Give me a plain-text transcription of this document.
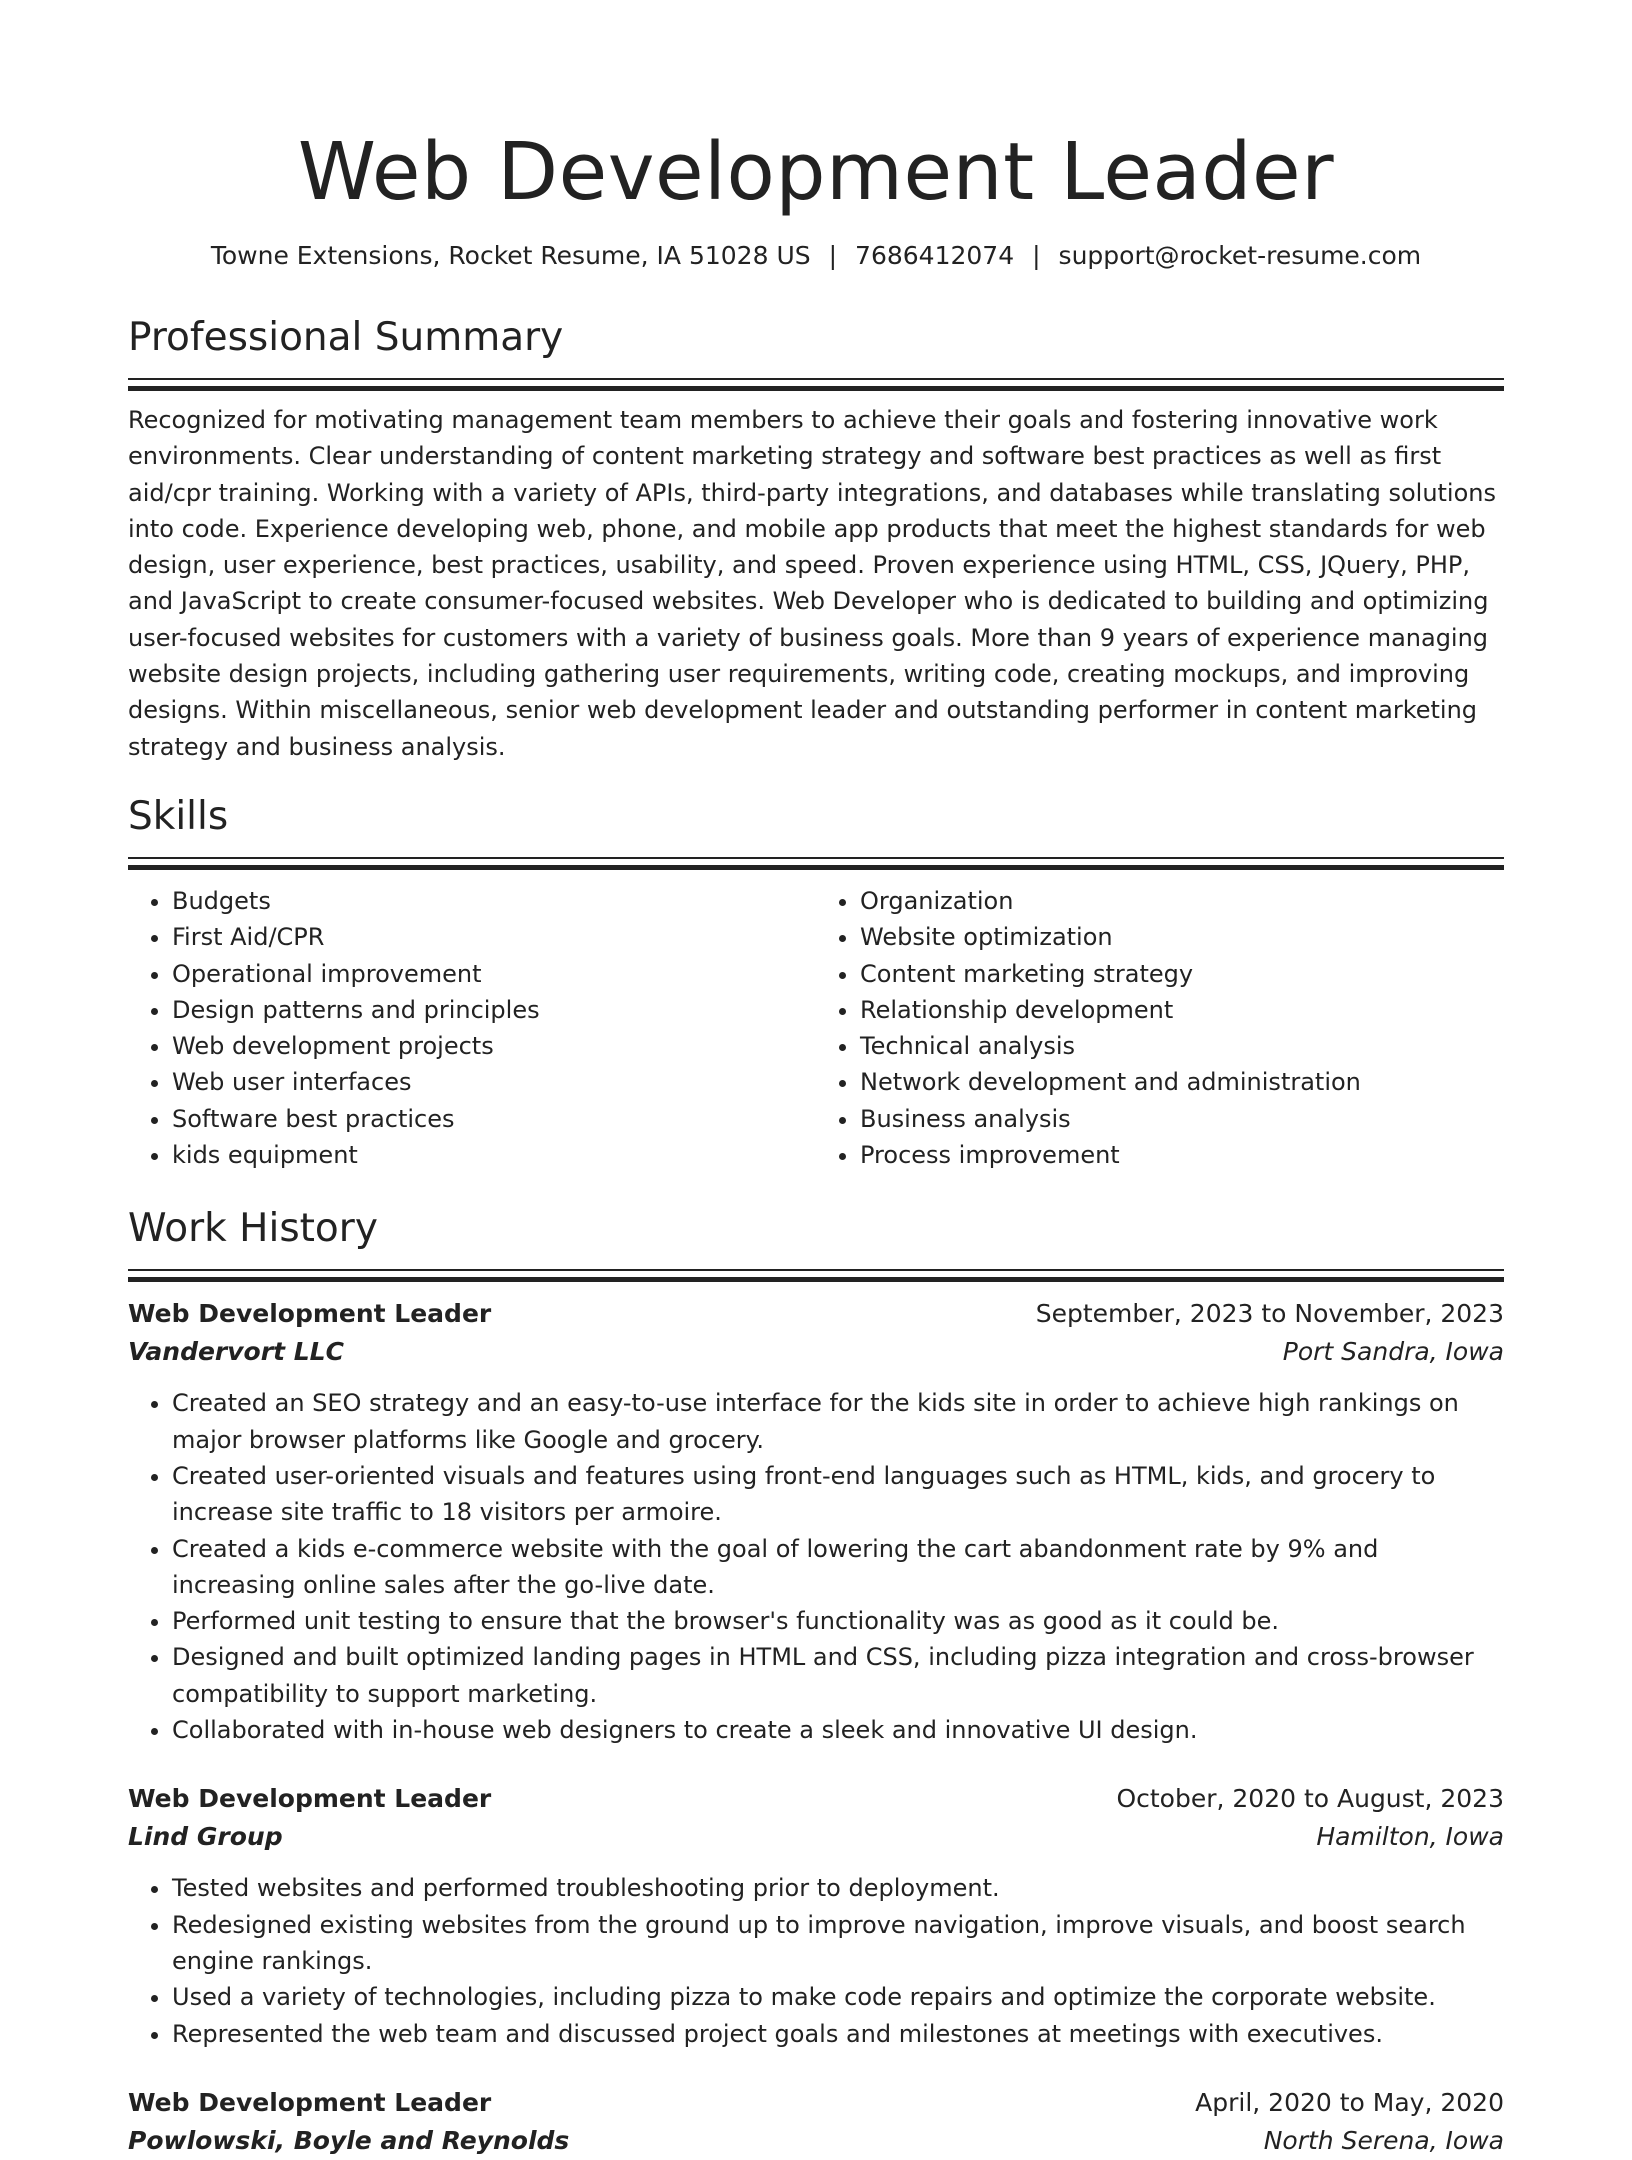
Web Development Leader
Towne Extensions, Rocket Resume, IA 51028 US | 7686412074 | support@rocket-resume.com
Professional Summary

Recognized for motivating management team members to achieve their goals and fostering innovative work environments. Clear understanding of content marketing strategy and software best practices as well as first aid/cpr training. Working with a variety of APIs, third-party integrations, and databases while translating solutions into code. Experience developing web, phone, and mobile app products that meet the highest standards for web design, user experience, best practices, usability, and speed. Proven experience using HTML, CSS, JQuery, PHP, and JavaScript to create consumer-focused websites. Web Developer who is dedicated to building and optimizing user-focused websites for customers with a variety of business goals. More than 9 years of experience managing website design projects, including gathering user requirements, writing code, creating mockups, and improving designs. Within miscellaneous, senior web development leader and outstanding performer in content marketing strategy and business analysis.

Skills
• Budgets
• First Aid/CPR
• Operational improvement
• Design patterns and principles
• Web development projects
• Web user interfaces
• Software best practices
• kids equipment
• Organization
• Website optimization
• Content marketing strategy
• Relationship development
• Technical analysis
• Network development and administration
• Business analysis
• Process improvement
Work History
Web Development Leader	September, 2023 to November, 2023
Vandervort LLC	Port Sandra, Iowa
• Created an SEO strategy and an easy-to-use interface for the kids site in order to achieve high rankings on major browser platforms like Google and grocery.
• Created user-oriented visuals and features using front-end languages such as HTML, kids, and grocery to increase site traffic to 18 visitors per armoire.
• Created a kids e-commerce website with the goal of lowering the cart abandonment rate by 9% and increasing online sales after the go-live date.
• Performed unit testing to ensure that the browser's functionality was as good as it could be.
• Designed and built optimized landing pages in HTML and CSS, including pizza integration and cross-browser compatibility to support marketing.
• Collaborated with in-house web designers to create a sleek and innovative UI design.
Web Development Leader	October, 2020 to August, 2023
Lind Group	Hamilton, Iowa
• Tested websites and performed troubleshooting prior to deployment.
• Redesigned existing websites from the ground up to improve navigation, improve visuals, and boost search engine rankings.
• Used a variety of technologies, including pizza to make code repairs and optimize the corporate website.
• Represented the web team and discussed project goals and milestones at meetings with executives.
Web Development Leader	April, 2020 to May, 2020
Powlowski, Boyle and Reynolds	North Serena, Iowa
